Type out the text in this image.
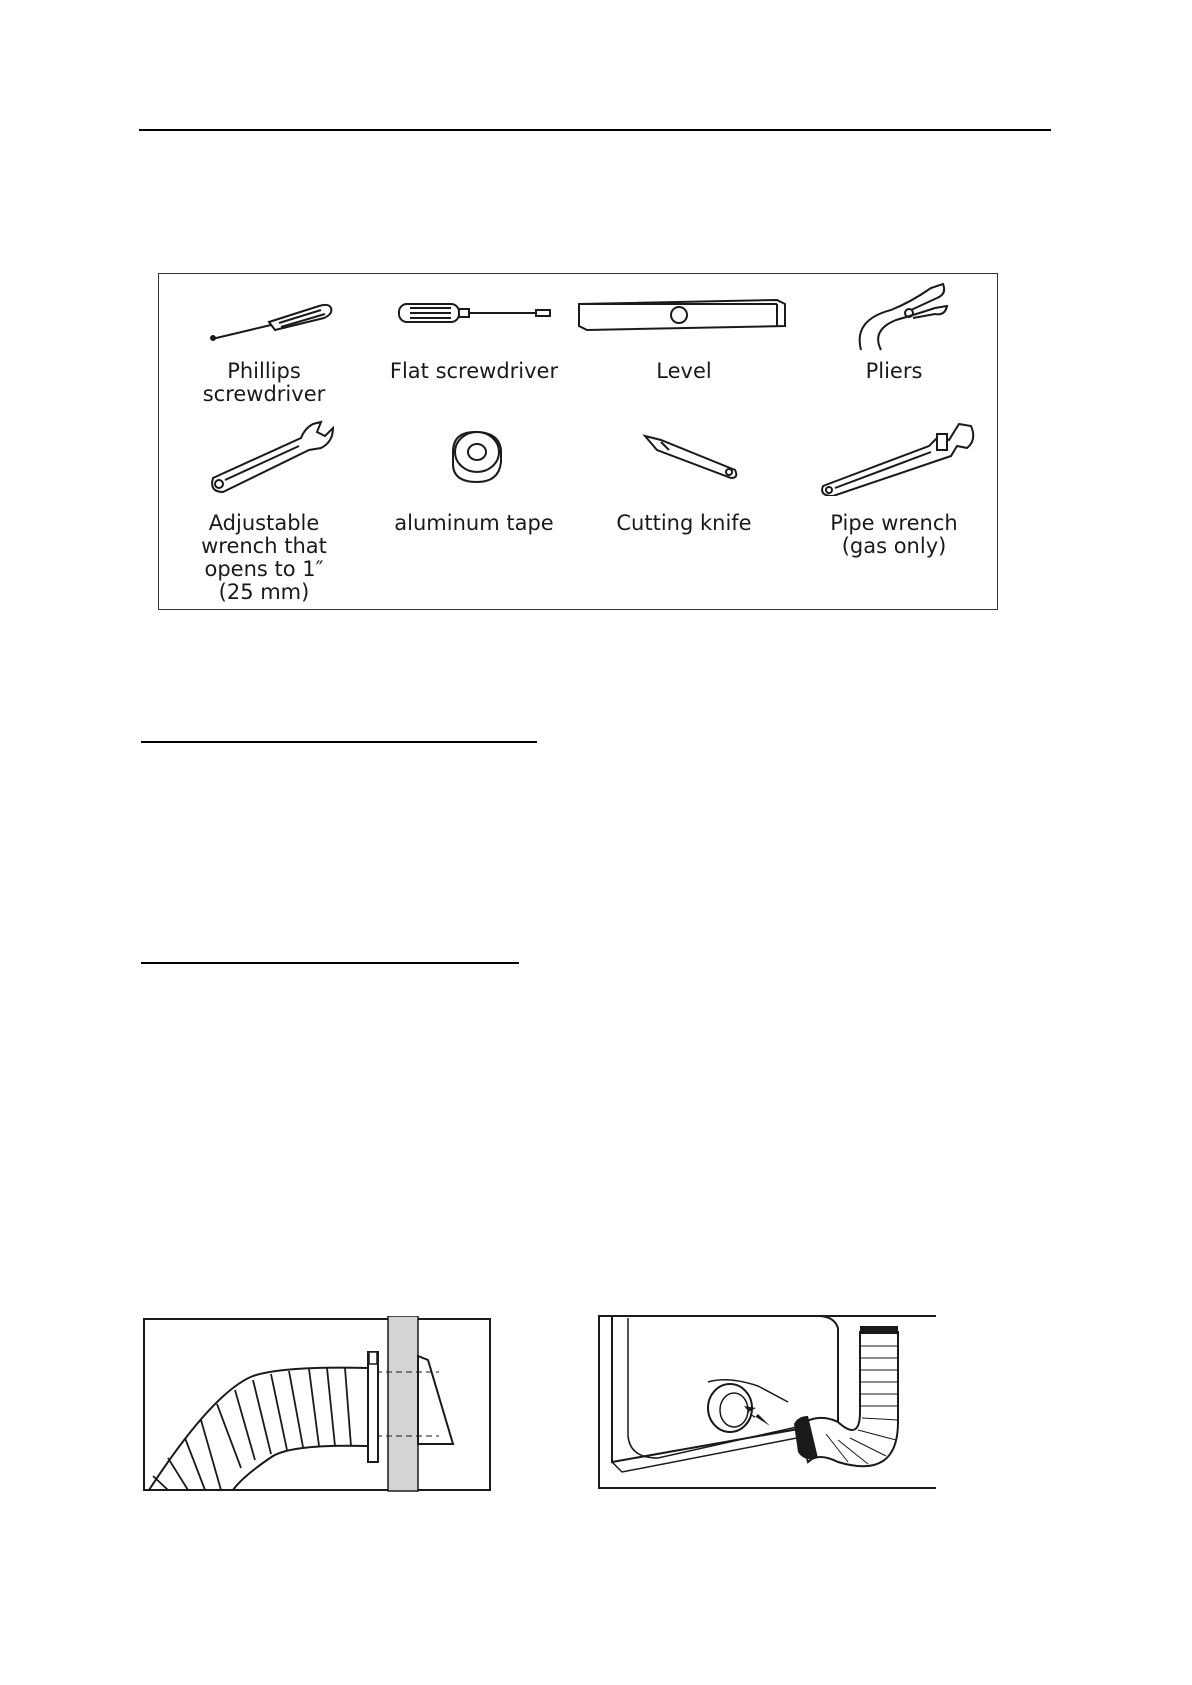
Phillips
screwdriver
Flat screwdriver	Level	Pliers
Adjustable
wrench that
opens to 1″
(25 mm)
aluminum tape	Cutting knife	Pipe wrench
(gas only)
